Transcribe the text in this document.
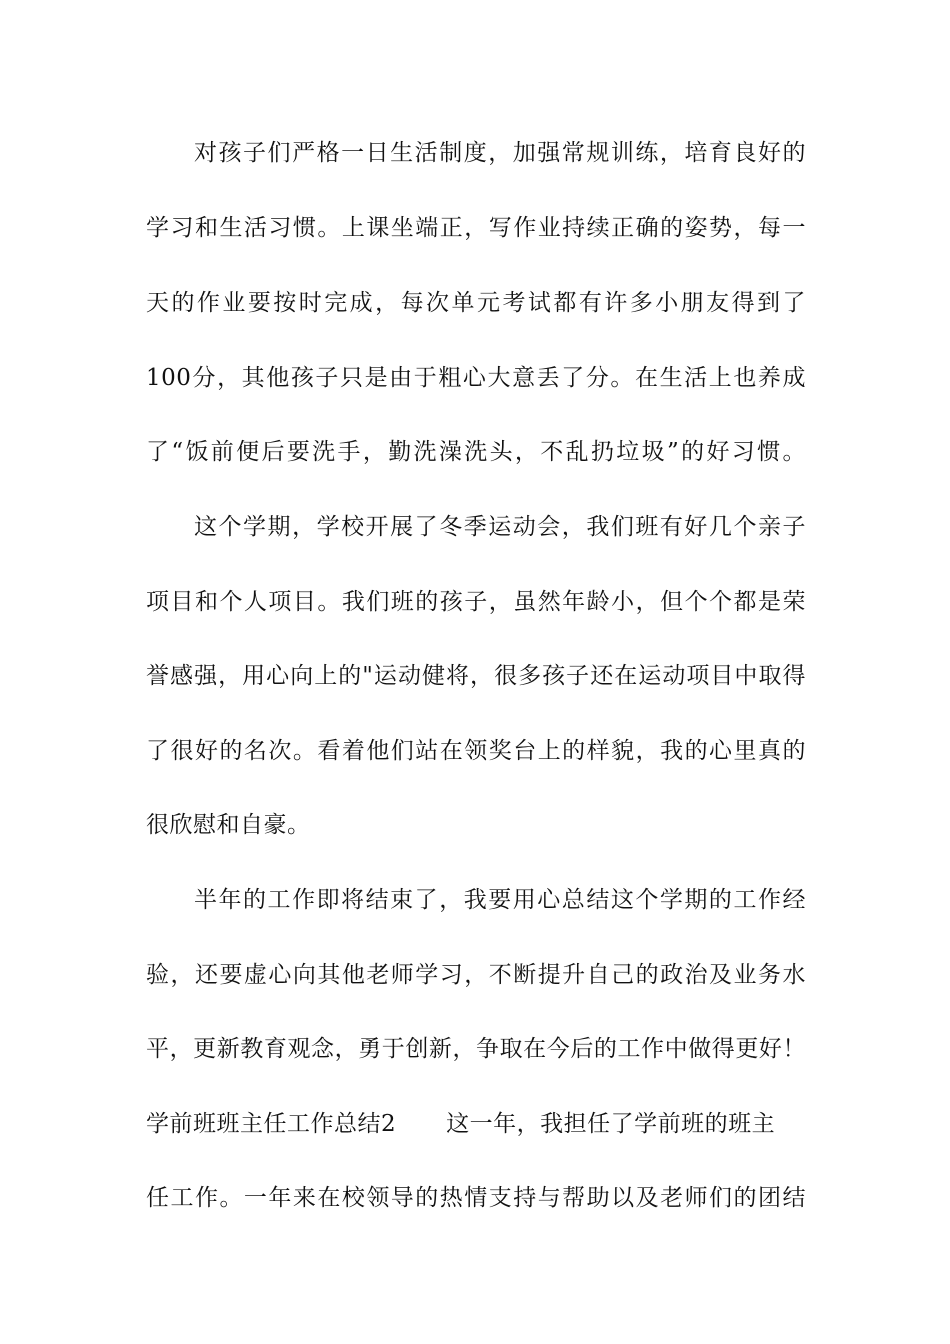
对孩子们严格一日生活制度，加强常规训练，培育良好的
学习和生活习惯。上课坐端正，写作业持续正确的姿势，每一
天的作业要按时完成，每次单元考试都有许多小朋友得到了
100分，其他孩子只是由于粗心大意丢了分。在生活上也养成
了“饭前便后要洗手，勤洗澡洗头，不乱扔垃圾”的好习惯。
这个学期，学校开展了冬季运动会，我们班有好几个亲子
项目和个人项目。我们班的孩子，虽然年龄小，但个个都是荣
誉感强，用心向上的"运动健将，很多孩子还在运动项目中取得
了很好的名次。看着他们站在领奖台上的样貌，我的心里真的
很欣慰和自豪。
半年的工作即将结束了，我要用心总结这个学期的工作经
验，还要虚心向其他老师学习，不断提升自己的政治及业务水
平，更新教育观念，勇于创新，争取在今后的工作中做得更好！
学前班班主任工作总结2 这一年，我担任了学前班的班主
任工作。一年来在校领导的热情支持与帮助以及老师们的团结
